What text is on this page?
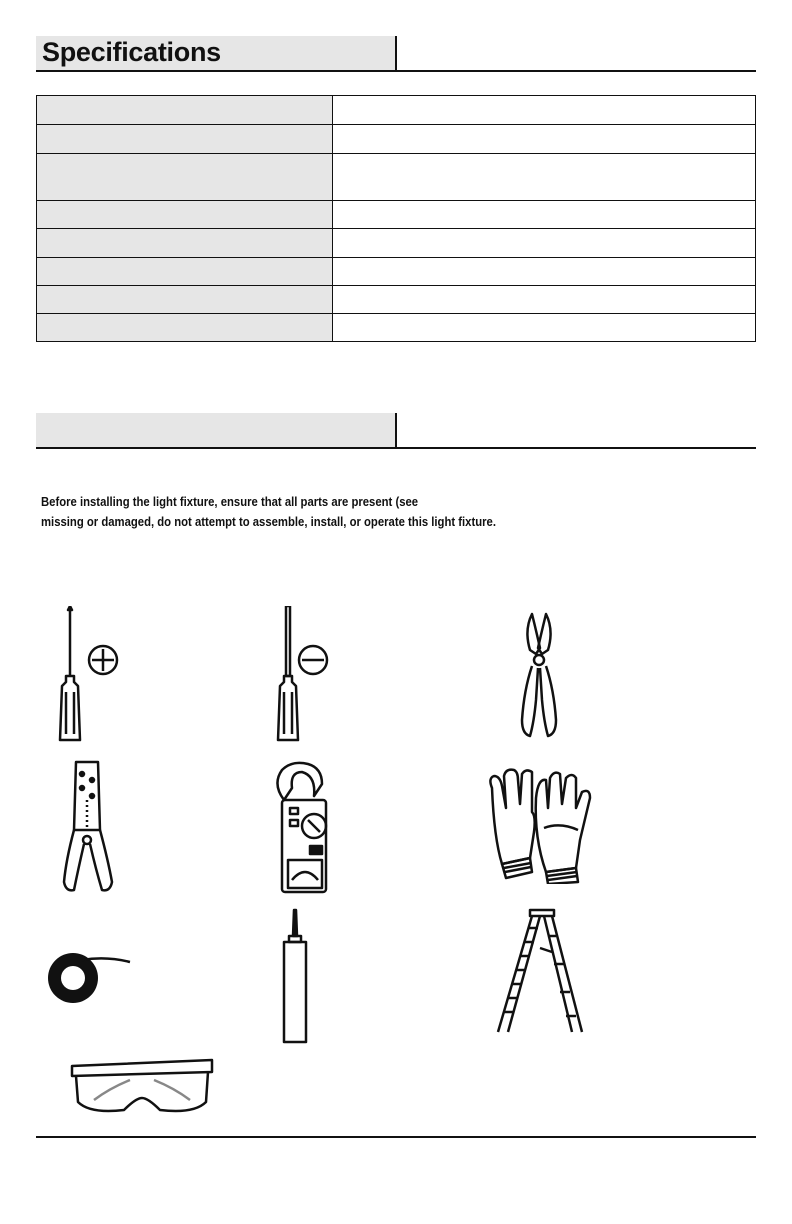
Specifications

Before installing the light fixture, ensure that all parts are present (see
missing or damaged, do not attempt to assemble, install, or operate this light fixture.
